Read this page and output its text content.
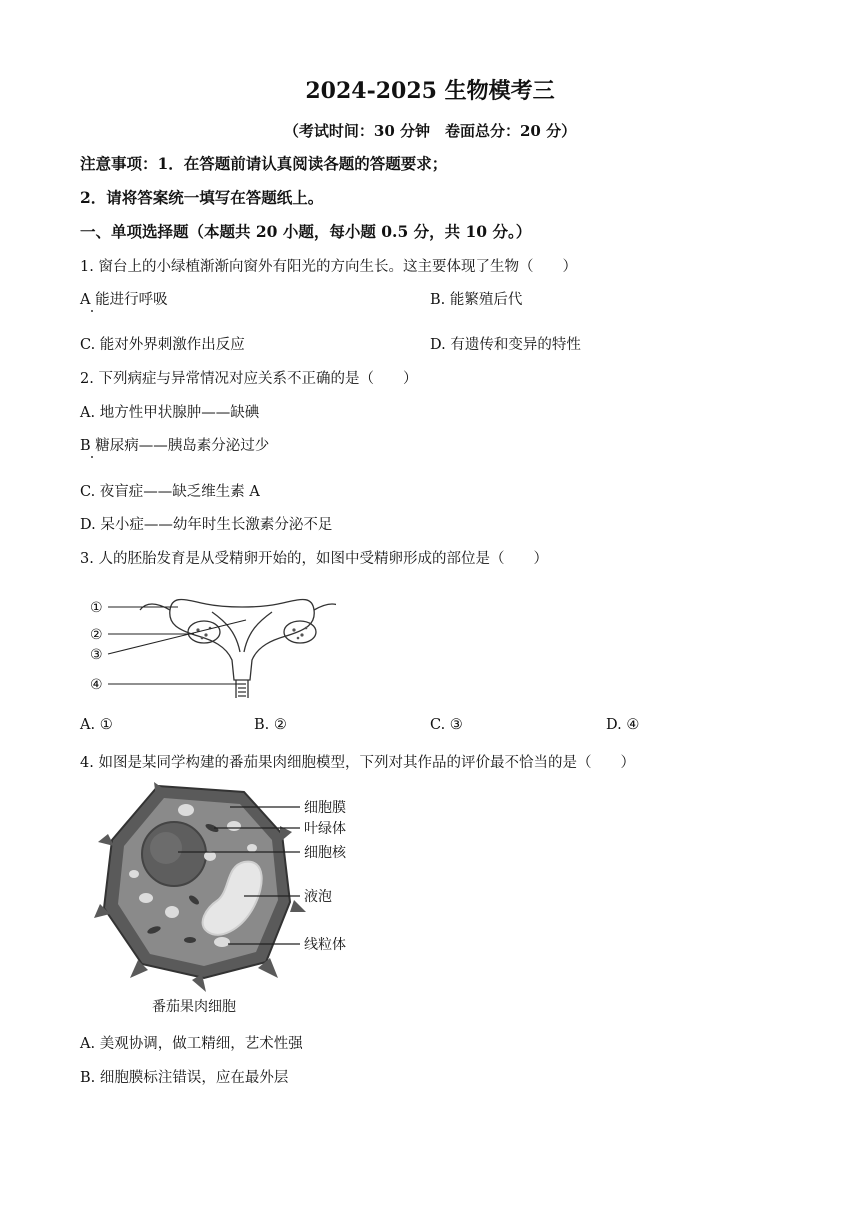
2024-2025 生物模考三
（考试时间：30 分钟　卷面总分：20 分）
注意事项：1．在答题前请认真阅读各题的答题要求；
2．请将答案统一填写在答题纸上。
一、单项选择题（本题共 20 小题，每小题 0.5 分，共 10 分。）
1. 窗台上的小绿植渐渐向窗外有阳光的方向生长。这主要体现了生物（　　）
A 能进行呼吸	B. 能繁殖后代
C. 能对外界刺激作出反应	D. 有遗传和变异的特性
2. 下列病症与异常情况对应关系不正确的是（　　）
A. 地方性甲状腺肿——缺碘
B 糖尿病——胰岛素分泌过少
C. 夜盲症——缺乏维生素 A
D. 呆小症——幼年时生长激素分泌不足
3. 人的胚胎发育是从受精卵开始的，如图中受精卵形成的部位是（　　）
①
②
③
④
A. ①	B. ②	C. ③	D. ④
4. 如图是某同学构建的番茄果肉细胞模型，下列对其作品的评价最不恰当的是（　　）
细胞膜
叶绿体
细胞核
液泡
线粒体
番茄果肉细胞
A. 美观协调，做工精细，艺术性强
B. 细胞膜标注错误，应在最外层
